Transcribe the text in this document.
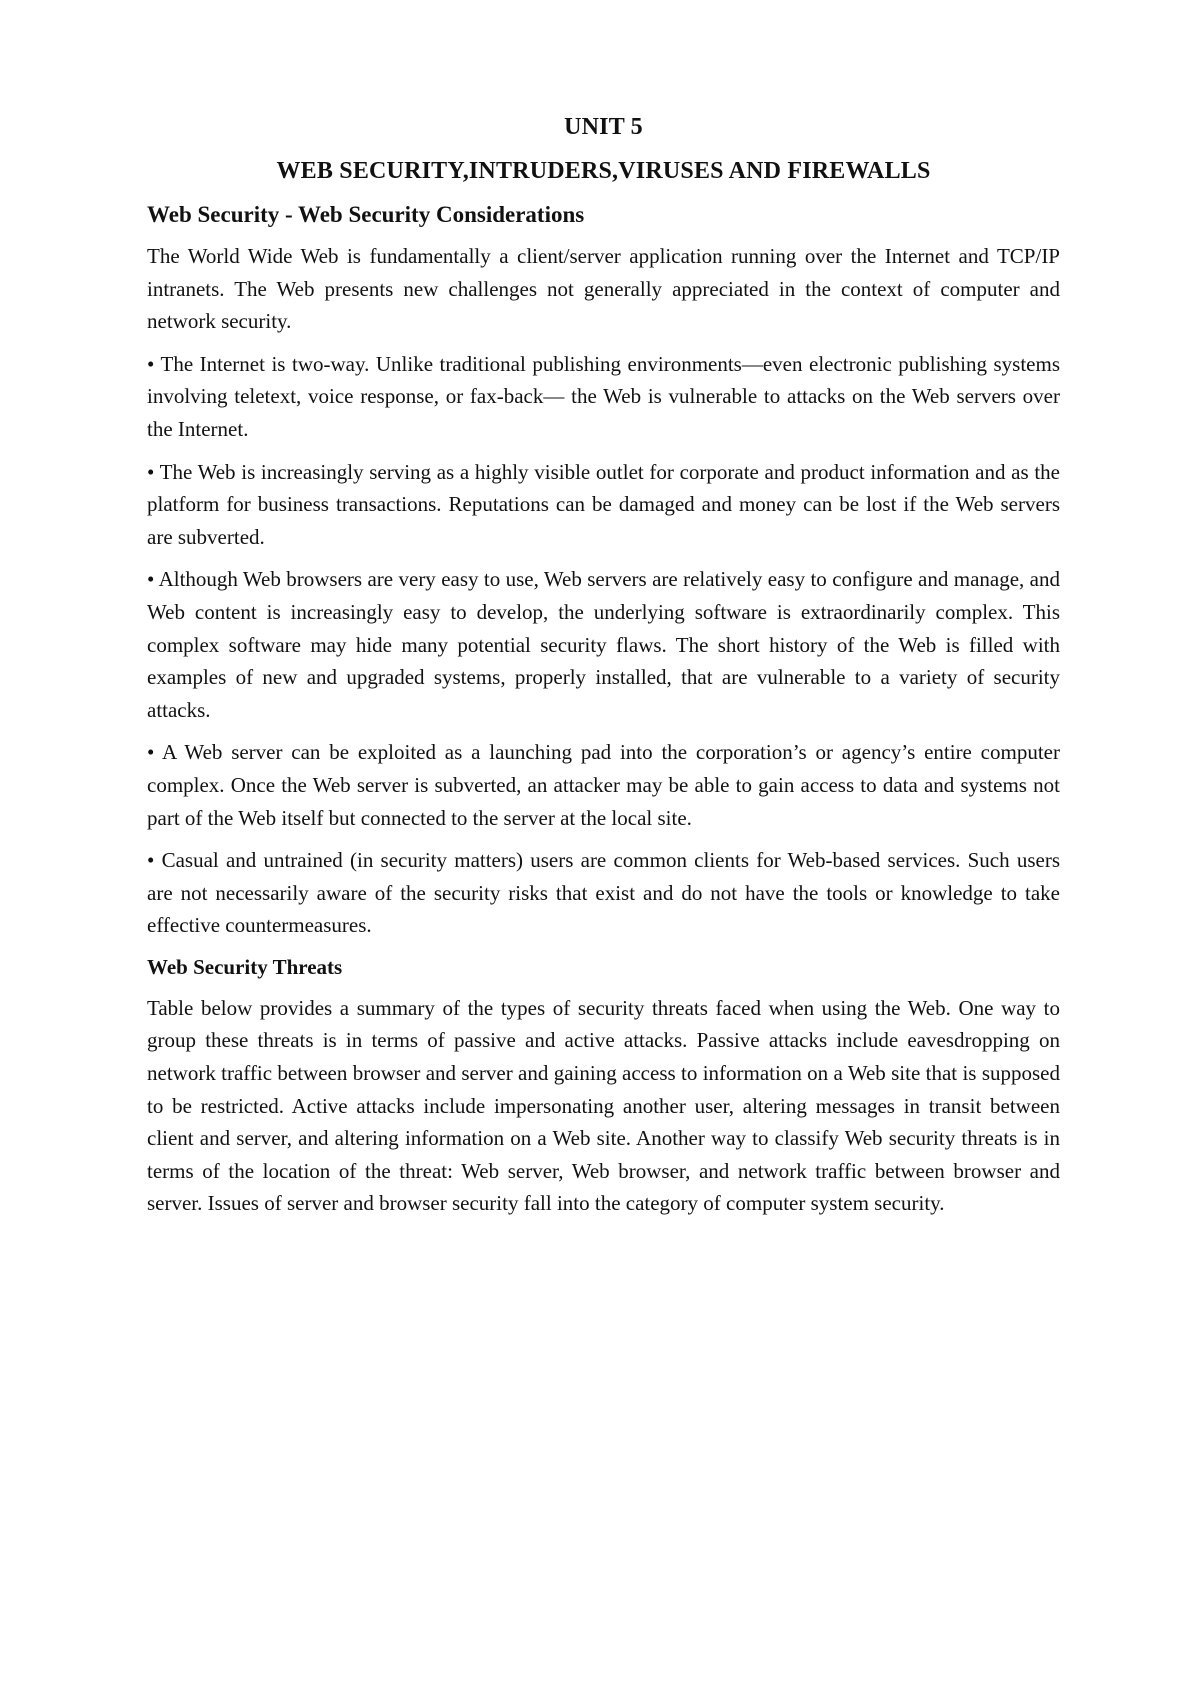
UNIT 5
WEB SECURITY,INTRUDERS,VIRUSES AND FIREWALLS
Web Security - Web Security Considerations

The World Wide Web is fundamentally a client/server application running over the Internet and TCP/IP intranets. The Web presents new challenges not generally appreciated in the context of computer and network security.

• The Internet is two-way. Unlike traditional publishing environments—even electronic publishing systems involving teletext, voice response, or fax-back— the Web is vulnerable to attacks on the Web servers over the Internet.

• The Web is increasingly serving as a highly visible outlet for corporate and product information and as the platform for business transactions. Reputations can be damaged and money can be lost if the Web servers are subverted.

• Although Web browsers are very easy to use, Web servers are relatively easy to configure and manage, and Web content is increasingly easy to develop, the underlying software is extraordinarily complex. This complex software may hide many potential security flaws. The short history of the Web is filled with examples of new and upgraded systems, properly installed, that are vulnerable to a variety of security attacks.

• A Web server can be exploited as a launching pad into the corporation’s or agency’s entire computer complex. Once the Web server is subverted, an attacker may be able to gain access to data and systems not part of the Web itself but connected to the server at the local site.

• Casual and untrained (in security matters) users are common clients for Web-based services. Such users are not necessarily aware of the security risks that exist and do not have the tools or knowledge to take effective countermeasures.

Web Security Threats

Table below provides a summary of the types of security threats faced when using the Web. One way to group these threats is in terms of passive and active attacks. Passive attacks include eavesdropping on network traffic between browser and server and gaining access to information on a Web site that is supposed to be restricted. Active attacks include impersonating another user, altering messages in transit between client and server, and altering information on a Web site. Another way to classify Web security threats is in terms of the location of the threat: Web server, Web browser, and network traffic between browser and server. Issues of server and browser security fall into the category of computer system security.
